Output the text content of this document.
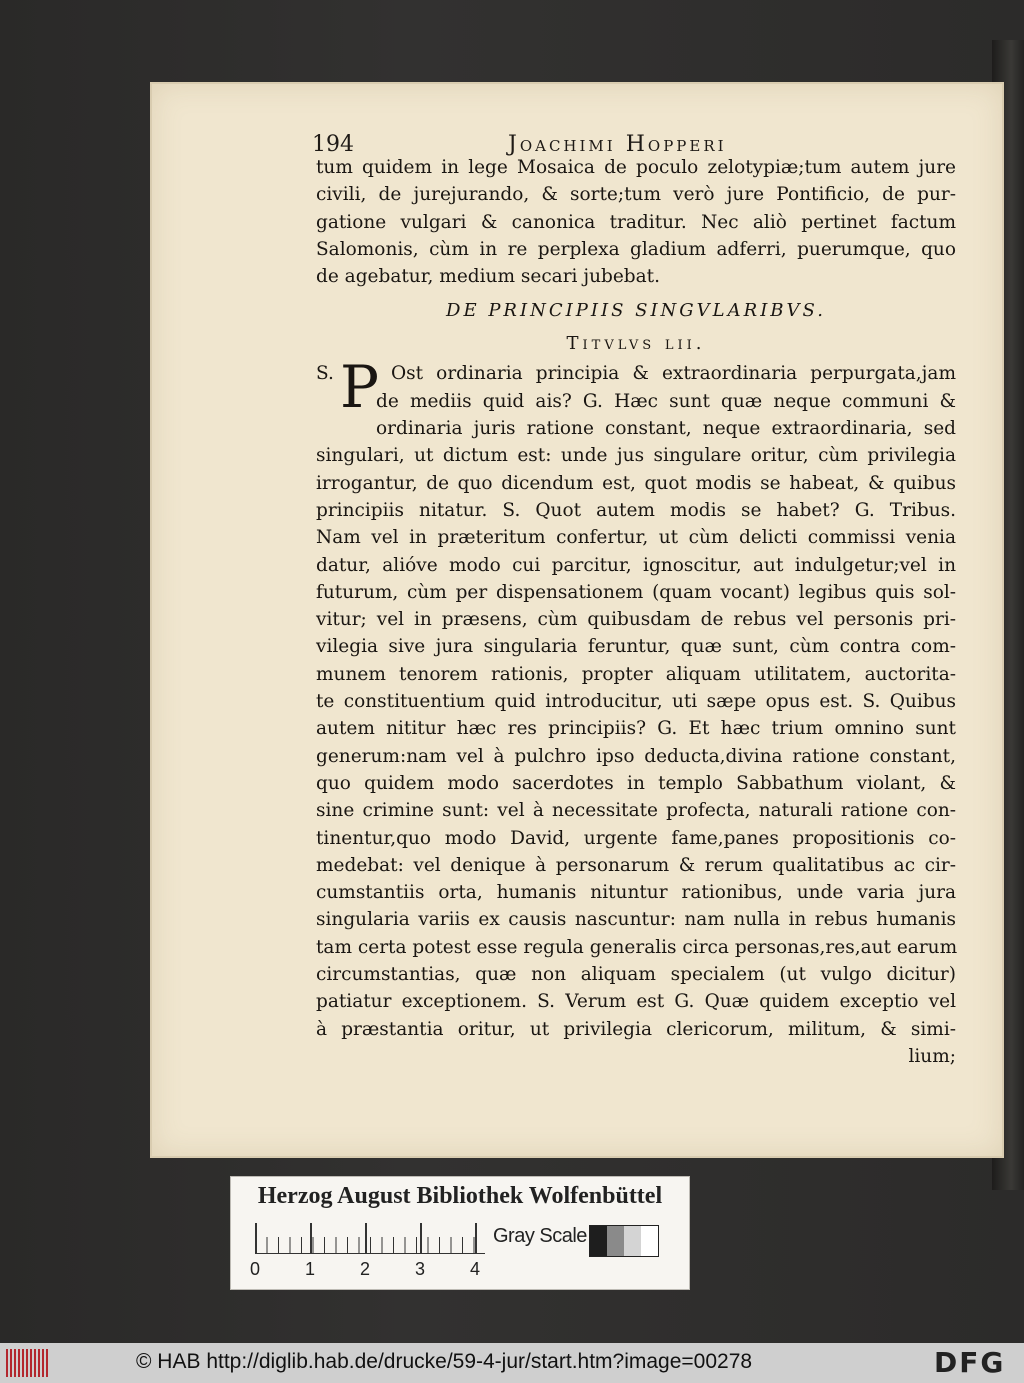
194	Joachimi Hopperi
tum quidem in lege Mosaica de poculo zelotypiæ;tum autem jure
civili, de jurejurando, & sorte;tum verò jure Pontificio, de pur-
gatione vulgari & canonica traditur. Nec aliò pertinet factum
Salomonis, cùm in re perplexa gladium adferri, puerumque, quo
de agebatur, medium secari jubebat.
DE PRINCIPIIS SINGVLARIBVS.
Titvlvs lii.
S. P Ost ordinaria principia & extraordinaria perpurgata,jam
de mediis quid ais? G. Hæc sunt quæ neque communi &
ordinaria juris ratione constant, neque extraordinaria, sed
singulari, ut dictum est: unde jus singulare oritur, cùm privilegia
irrogantur, de quo dicendum est, quot modis se habeat, & quibus
principiis nitatur. S. Quot autem modis se habet? G. Tribus.
Nam vel in præteritum confertur, ut cùm delicti commissi venia
datur, alióve modo cui parcitur, ignoscitur, aut indulgetur;vel in
futurum, cùm per dispensationem (quam vocant) legibus quis sol-
vitur; vel in præsens, cùm quibusdam de rebus vel personis pri-
vilegia sive jura singularia feruntur, quæ sunt, cùm contra com-
munem tenorem rationis, propter aliquam utilitatem, auctorita-
te constituentium quid introducitur, uti sæpe opus est. S. Quibus
autem nititur hæc res principiis? G. Et hæc trium omnino sunt
generum:nam vel à pulchro ipso deducta,divina ratione constant,
quo quidem modo sacerdotes in templo Sabbathum violant, &
sine crimine sunt: vel à necessitate profecta, naturali ratione con-
tinentur,quo modo David, urgente fame,panes propositionis co-
medebat: vel denique à personarum & rerum qualitatibus ac cir-
cumstantiis orta, humanis nituntur rationibus, unde varia jura
singularia variis ex causis nascuntur: nam nulla in rebus humanis
tam certa potest esse regula generalis circa personas,res,aut earum
circumstantias, quæ non aliquam specialem (ut vulgo dicitur)
patiatur exceptionem. S. Verum est G. Quæ quidem exceptio vel
à præstantia oritur, ut privilegia clericorum, militum, & simi-
lium;
Herzog August Bibliothek Wolfenbüttel
0 1 2 3 4
Gray Scale
© HAB http://diglib.hab.de/drucke/59-4-jur/start.htm?image=00278	DFG
